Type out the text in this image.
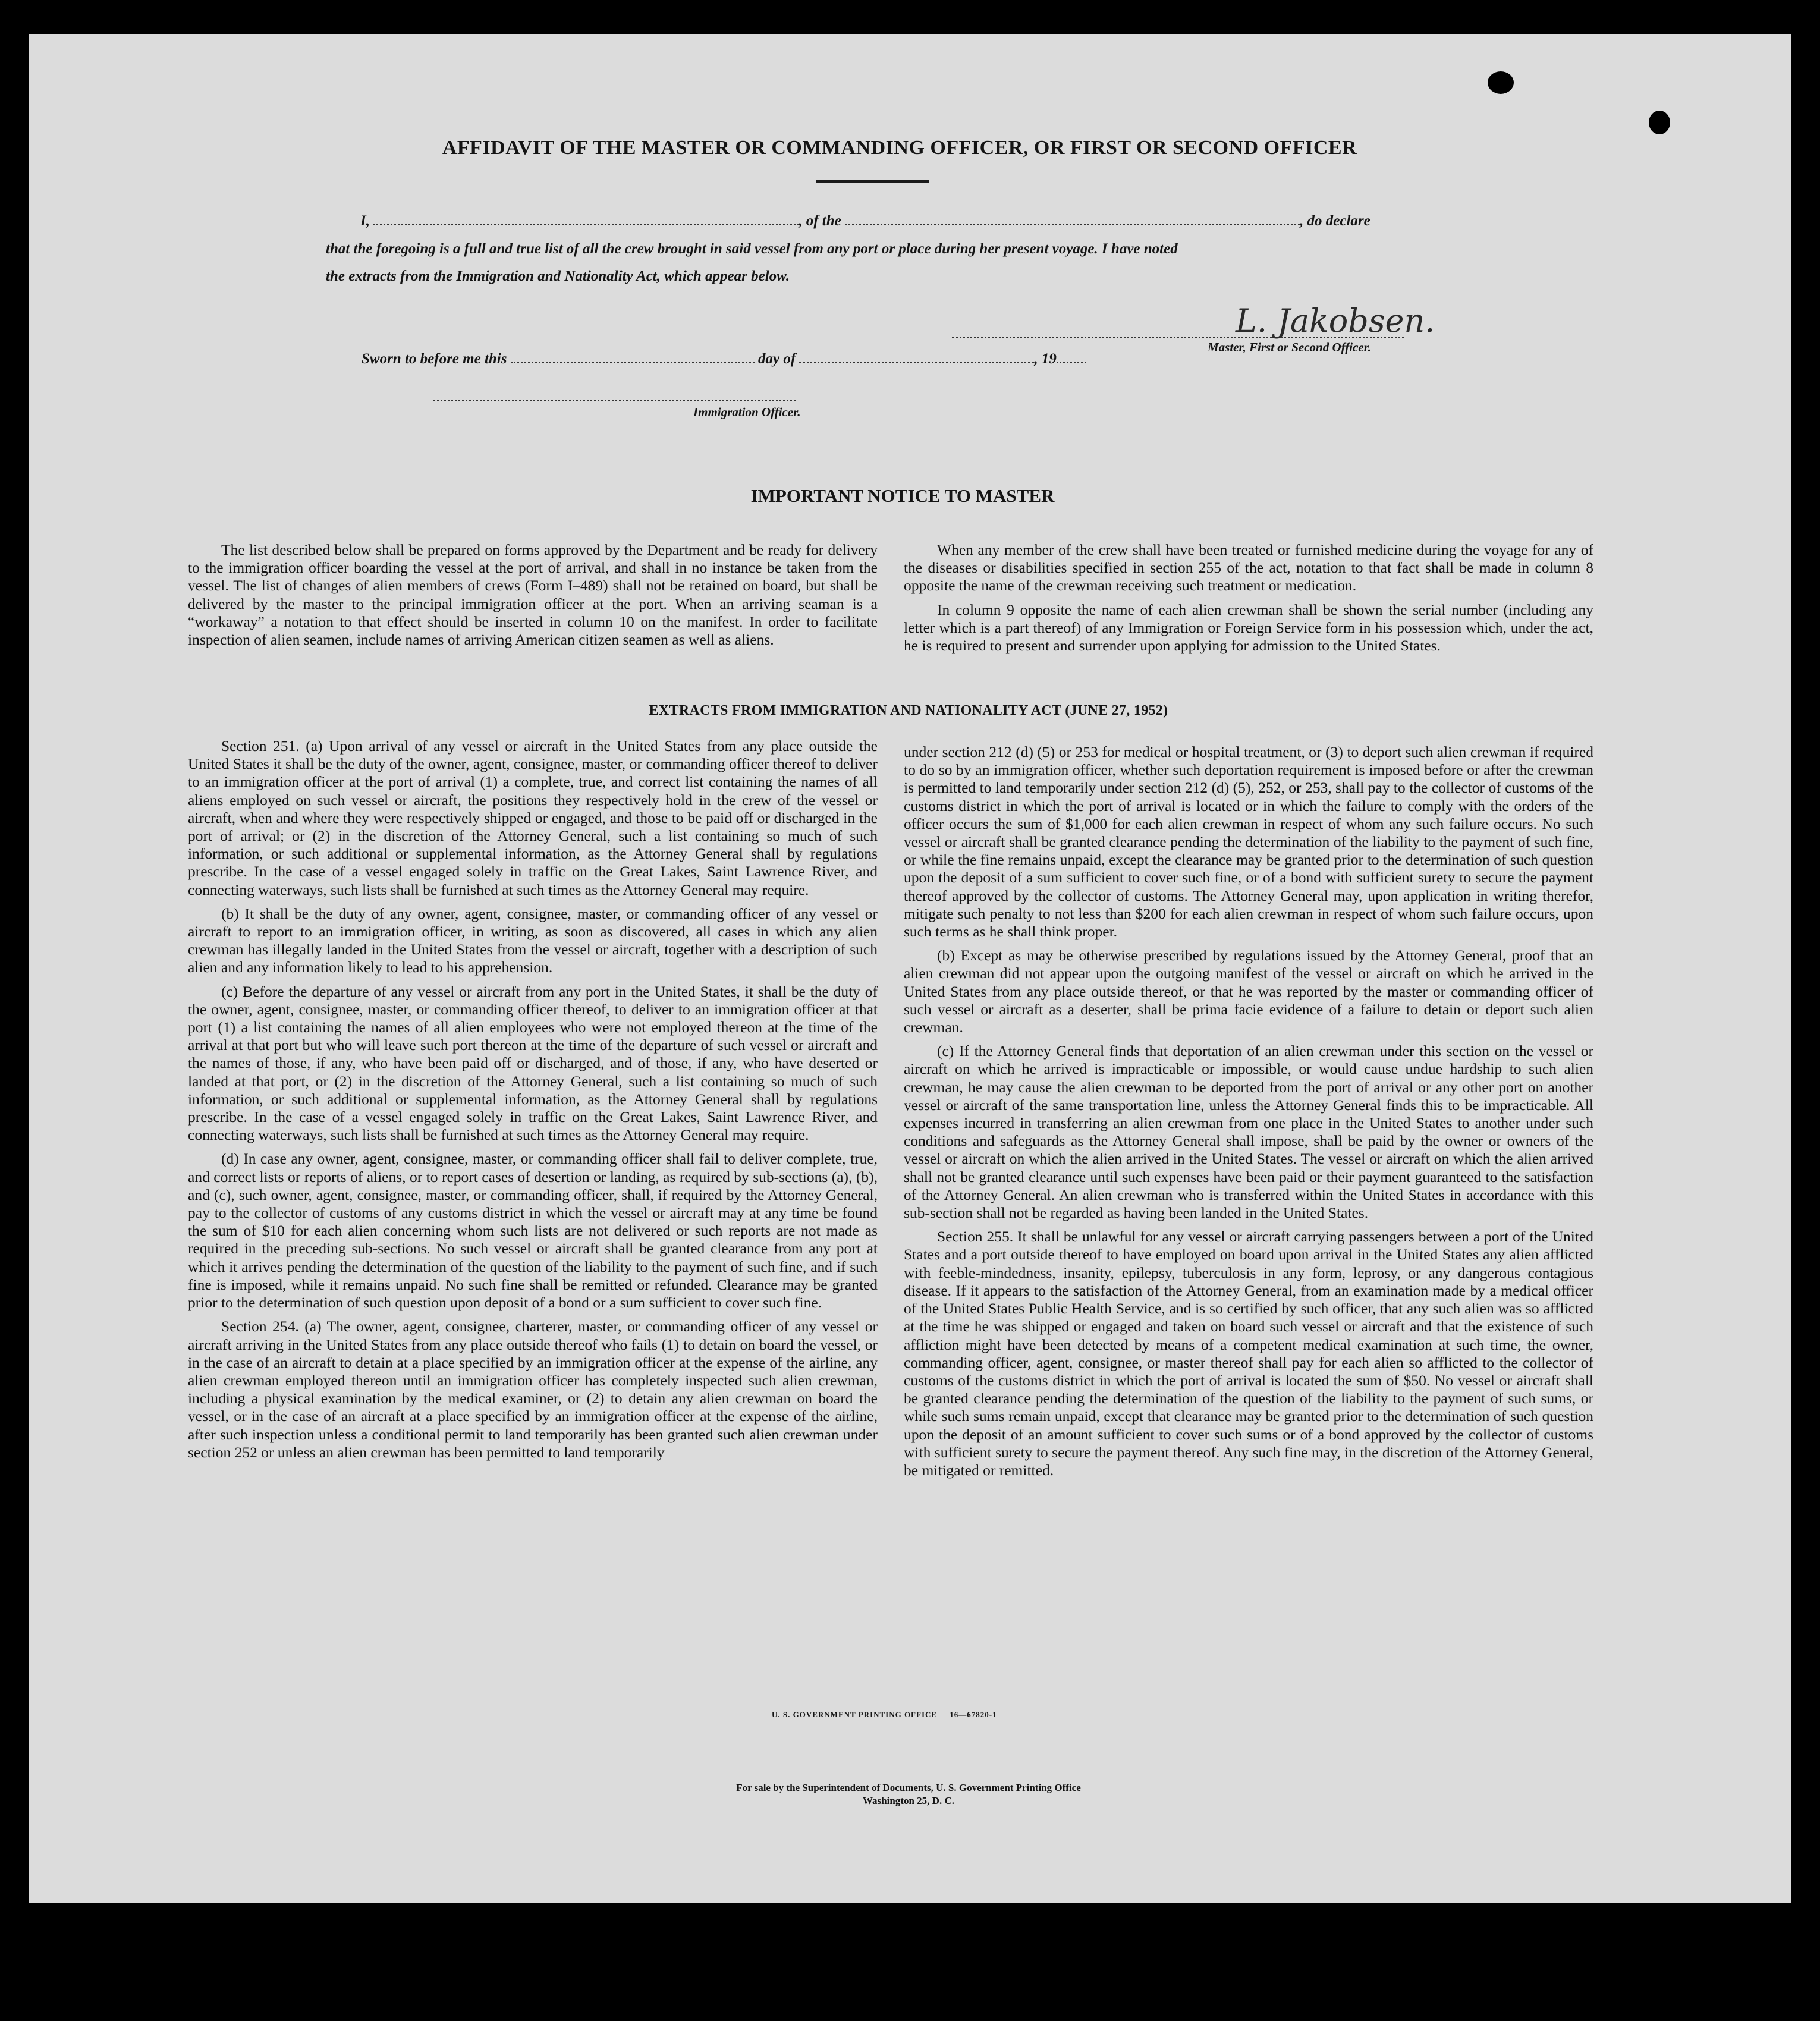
AFFIDAVIT OF THE MASTER OR COMMANDING OFFICER, OR FIRST OR SECOND OFFICER
I,	, of the	, do declare
that the foregoing is a full and true list of all the crew brought in said vessel from any port or place during her present voyage. I have noted
the extracts from the Immigration and Nationality Act, which appear below.
L. Jakobsen.
Master, First or Second Officer.
Sworn to before me this	day of	, 19
Immigration Officer.
IMPORTANT NOTICE TO MASTER

The list described below shall be prepared on forms approved by the Department and be ready for delivery to the immigration officer boarding the vessel at the port of arrival, and shall in no instance be taken from the vessel. The list of changes of alien members of crews (Form I–489) shall not be retained on board, but shall be delivered by the master to the principal immigration officer at the port. When an arriving seaman is a “workaway” a notation to that effect should be inserted in column 10 on the manifest. In order to facilitate inspection of alien seamen, include names of arriving American citizen seamen as well as aliens.

When any member of the crew shall have been treated or furnished medicine during the voyage for any of the diseases or disabilities specified in section 255 of the act, notation to that fact shall be made in column 8 opposite the name of the crewman receiving such treatment or medication.

In column 9 opposite the name of each alien crewman shall be shown the serial number (including any letter which is a part thereof) of any Immigration or Foreign Service form in his possession which, under the act, he is required to present and surrender upon applying for admission to the United States.

EXTRACTS FROM IMMIGRATION AND NATIONALITY ACT (JUNE 27, 1952)

Section 251. (a) Upon arrival of any vessel or aircraft in the United States from any place outside the United States it shall be the duty of the owner, agent, consignee, master, or commanding officer thereof to deliver to an immigration officer at the port of arrival (1) a complete, true, and correct list containing the names of all aliens employed on such vessel or aircraft, the positions they respectively hold in the crew of the vessel or aircraft, when and where they were respectively shipped or engaged, and those to be paid off or discharged in the port of arrival; or (2) in the discretion of the Attorney General, such a list containing so much of such information, or such additional or supplemental information, as the Attorney General shall by regulations prescribe. In the case of a vessel engaged solely in traffic on the Great Lakes, Saint Lawrence River, and connecting waterways, such lists shall be furnished at such times as the Attorney General may require.

(b) It shall be the duty of any owner, agent, consignee, master, or commanding officer of any vessel or aircraft to report to an immigration officer, in writing, as soon as discovered, all cases in which any alien crewman has illegally landed in the United States from the vessel or aircraft, together with a description of such alien and any information likely to lead to his apprehension.

(c) Before the departure of any vessel or aircraft from any port in the United States, it shall be the duty of the owner, agent, consignee, master, or commanding officer thereof, to deliver to an immigration officer at that port (1) a list containing the names of all alien employees who were not employed thereon at the time of the arrival at that port but who will leave such port thereon at the time of the departure of such vessel or aircraft and the names of those, if any, who have been paid off or discharged, and of those, if any, who have deserted or landed at that port, or (2) in the discretion of the Attorney General, such a list containing so much of such information, or such additional or supplemental information, as the Attorney General shall by regulations prescribe. In the case of a vessel engaged solely in traffic on the Great Lakes, Saint Lawrence River, and connecting waterways, such lists shall be furnished at such times as the Attorney General may require.

(d) In case any owner, agent, consignee, master, or commanding officer shall fail to deliver complete, true, and correct lists or reports of aliens, or to report cases of desertion or landing, as required by sub-sections (a), (b), and (c), such owner, agent, consignee, master, or commanding officer, shall, if required by the Attorney General, pay to the collector of customs of any customs district in which the vessel or aircraft may at any time be found the sum of $10 for each alien concerning whom such lists are not delivered or such reports are not made as required in the preceding sub-sections. No such vessel or aircraft shall be granted clearance from any port at which it arrives pending the determination of the question of the liability to the payment of such fine, and if such fine is imposed, while it remains unpaid. No such fine shall be remitted or refunded. Clearance may be granted prior to the determination of such question upon deposit of a bond or a sum sufficient to cover such fine.

Section 254. (a) The owner, agent, consignee, charterer, master, or commanding officer of any vessel or aircraft arriving in the United States from any place outside thereof who fails (1) to detain on board the vessel, or in the case of an aircraft to detain at a place specified by an immigration officer at the expense of the airline, any alien crewman employed thereon until an immigration officer has completely inspected such alien crewman, including a physical examination by the medical examiner, or (2) to detain any alien crewman on board the vessel, or in the case of an aircraft at a place specified by an immigration officer at the expense of the airline, after such inspection unless a conditional permit to land temporarily has been granted such alien crewman under section 252 or unless an alien crewman has been permitted to land temporarily

under section 212 (d) (5) or 253 for medical or hospital treatment, or (3) to deport such alien crewman if required to do so by an immigration officer, whether such deportation requirement is imposed before or after the crewman is permitted to land temporarily under section 212 (d) (5), 252, or 253, shall pay to the collector of customs of the customs district in which the port of arrival is located or in which the failure to comply with the orders of the officer occurs the sum of $1,000 for each alien crewman in respect of whom any such failure occurs. No such vessel or aircraft shall be granted clearance pending the determination of the liability to the payment of such fine, or while the fine remains unpaid, except the clearance may be granted prior to the determination of such question upon the deposit of a sum sufficient to cover such fine, or of a bond with sufficient surety to secure the payment thereof approved by the collector of customs. The Attorney General may, upon application in writing therefor, mitigate such penalty to not less than $200 for each alien crewman in respect of whom such failure occurs, upon such terms as he shall think proper.

(b) Except as may be otherwise prescribed by regulations issued by the Attorney General, proof that an alien crewman did not appear upon the outgoing manifest of the vessel or aircraft on which he arrived in the United States from any place outside thereof, or that he was reported by the master or commanding officer of such vessel or aircraft as a deserter, shall be prima facie evidence of a failure to detain or deport such alien crewman.

(c) If the Attorney General finds that deportation of an alien crewman under this section on the vessel or aircraft on which he arrived is impracticable or impossible, or would cause undue hardship to such alien crewman, he may cause the alien crewman to be deported from the port of arrival or any other port on another vessel or aircraft of the same transportation line, unless the Attorney General finds this to be impracticable. All expenses incurred in transferring an alien crewman from one place in the United States to another under such conditions and safeguards as the Attorney General shall impose, shall be paid by the owner or owners of the vessel or aircraft on which the alien arrived in the United States. The vessel or aircraft on which the alien arrived shall not be granted clearance until such expenses have been paid or their payment guaranteed to the satisfaction of the Attorney General. An alien crewman who is transferred within the United States in accordance with this sub-section shall not be regarded as having been landed in the United States.

Section 255. It shall be unlawful for any vessel or aircraft carrying passengers between a port of the United States and a port outside thereof to have employed on board upon arrival in the United States any alien afflicted with feeble-mindedness, insanity, epilepsy, tuberculosis in any form, leprosy, or any dangerous contagious disease. If it appears to the satisfaction of the Attorney General, from an examination made by a medical officer of the United States Public Health Service, and is so certified by such officer, that any such alien was so afflicted at the time he was shipped or engaged and taken on board such vessel or aircraft and that the existence of such affliction might have been detected by means of a competent medical examination at such time, the owner, commanding officer, agent, consignee, or master thereof shall pay for each alien so afflicted to the collector of customs of the customs district in which the port of arrival is located the sum of $50. No vessel or aircraft shall be granted clearance pending the determination of the question of the liability to the payment of such sums, or while such sums remain unpaid, except that clearance may be granted prior to the determination of such question upon the deposit of an amount sufficient to cover such sums or of a bond approved by the collector of customs with sufficient surety to secure the payment thereof. Any such fine may, in the discretion of the Attorney General, be mitigated or remitted.

U. S. GOVERNMENT PRINTING OFFICE     16—67820-1
For sale by the Superintendent of Documents, U. S. Government Printing Office
Washington 25, D. C.
